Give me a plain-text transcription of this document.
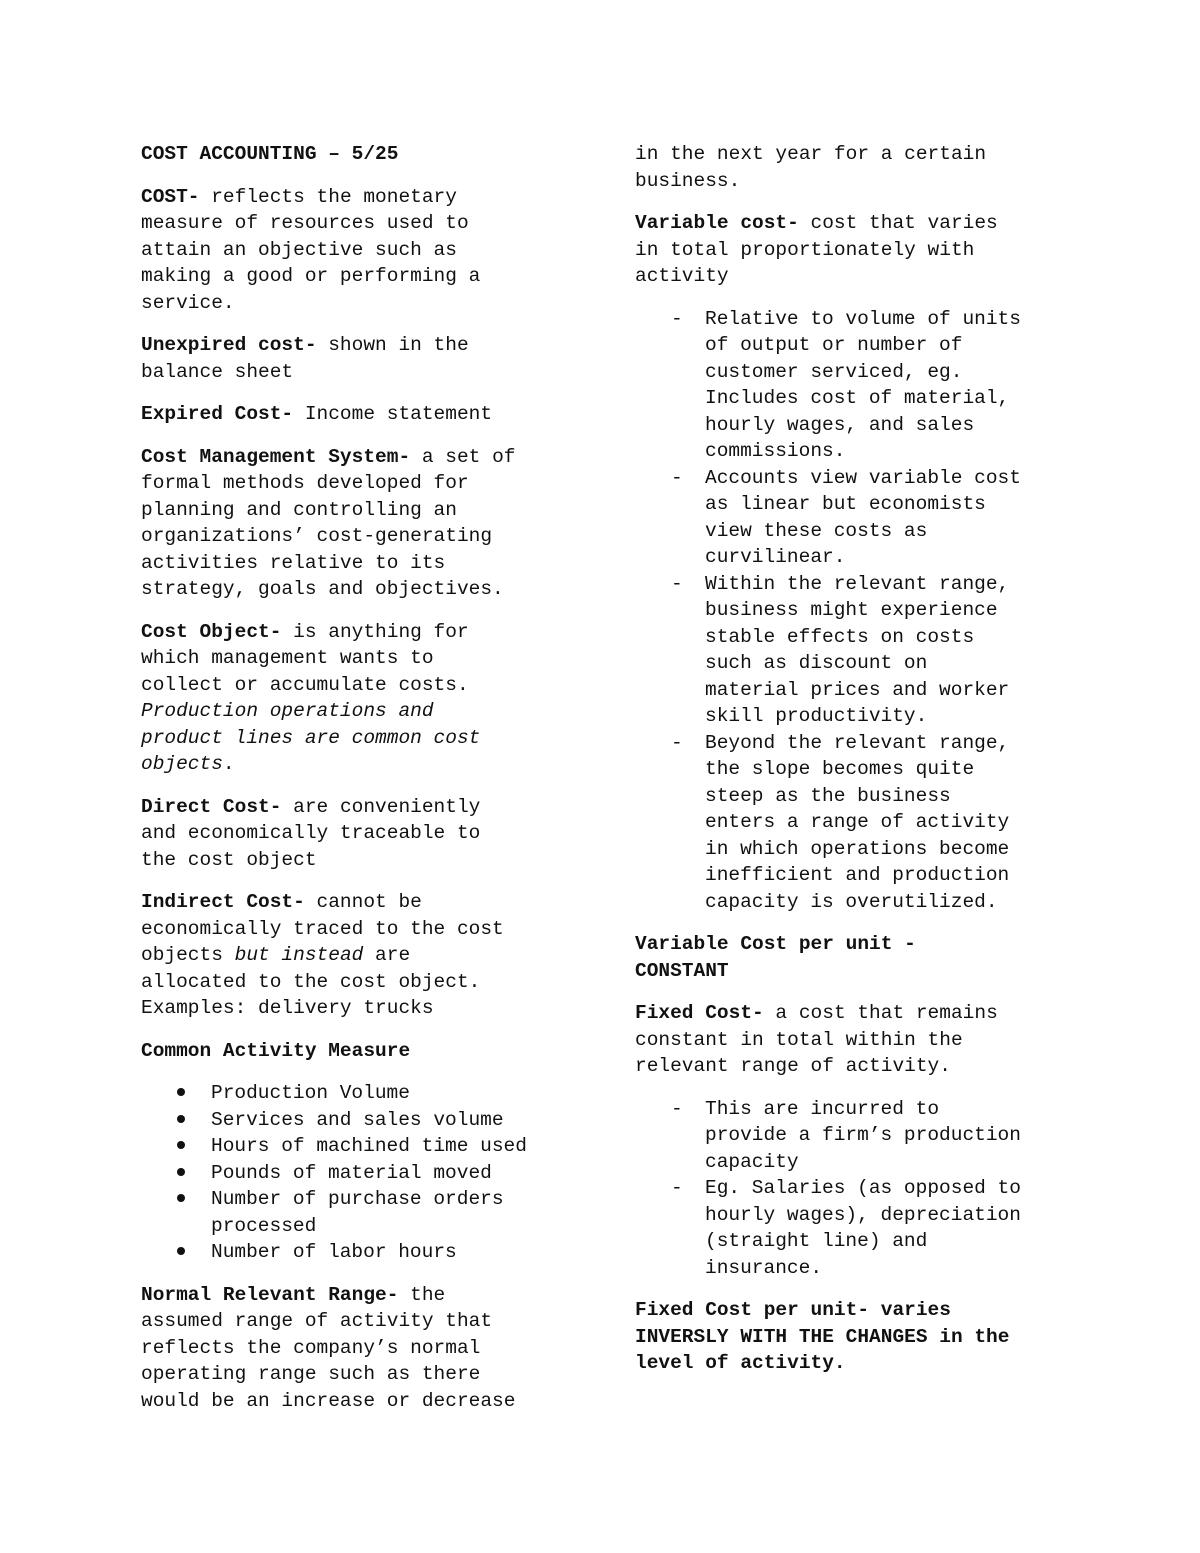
COST ACCOUNTING – 5/25

COST- reflects the monetary
measure of resources used to
attain an objective such as
making a good or performing a
service.

Unexpired cost- shown in the
balance sheet

Expired Cost- Income statement

Cost Management System- a set of
formal methods developed for
planning and controlling an
organizations’ cost-generating
activities relative to its
strategy, goals and objectives.

Cost Object- is anything for
which management wants to
collect or accumulate costs.
Production operations and
product lines are common cost
objects.

Direct Cost- are conveniently
and economically traceable to
the cost object

Indirect Cost- cannot be
economically traced to the cost
objects but instead are
allocated to the cost object.
Examples: delivery trucks

Common Activity Measure

Production Volume
Services and sales volume
Hours of machined time used
Pounds of material moved
Number of purchase orders
processed
Number of labor hours

Normal Relevant Range- the
assumed range of activity that
reflects the company’s normal
operating range such as there
would be an increase or decrease

in the next year for a certain
business.

Variable cost- cost that varies
in total proportionately with
activity

- Relative to volume of units
of output or number of
customer serviced, eg.
Includes cost of material,
hourly wages, and sales
commissions.
- Accounts view variable cost
as linear but economists
view these costs as
curvilinear.
- Within the relevant range,
business might experience
stable effects on costs
such as discount on
material prices and worker
skill productivity.
- Beyond the relevant range,
the slope becomes quite
steep as the business
enters a range of activity
in which operations become
inefficient and production
capacity is overutilized.

Variable Cost per unit -
CONSTANT

Fixed Cost- a cost that remains
constant in total within the
relevant range of activity.

- This are incurred to
provide a firm’s production
capacity
- Eg. Salaries (as opposed to
hourly wages), depreciation
(straight line) and
insurance.

Fixed Cost per unit- varies
INVERSLY WITH THE CHANGES in the
level of activity.
